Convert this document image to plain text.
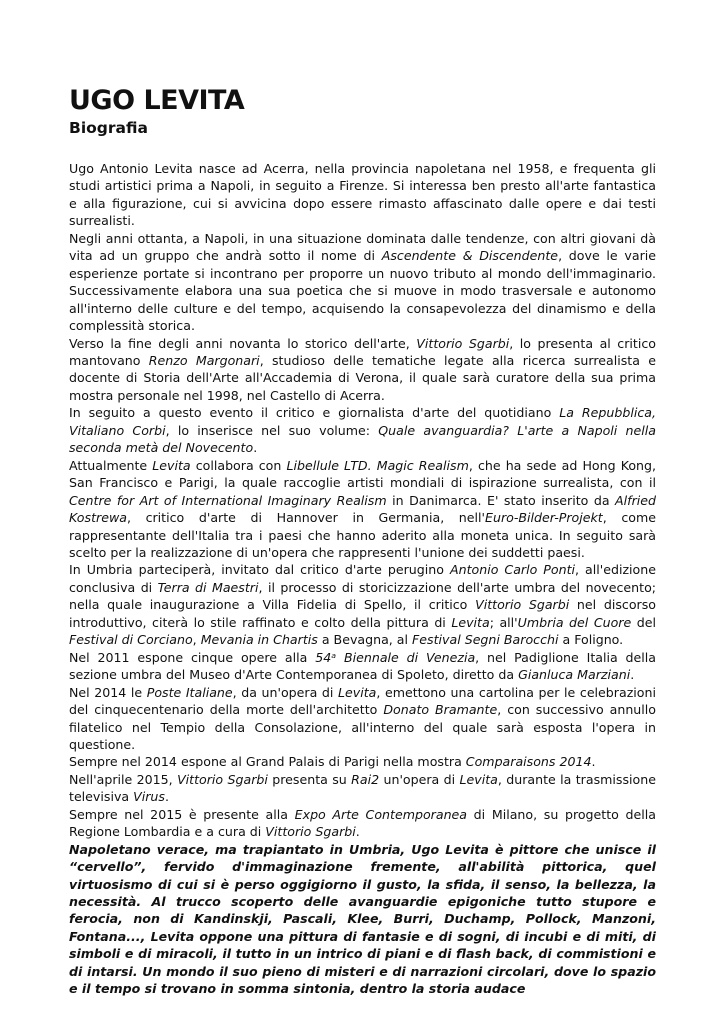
UGO LEVITA
Biografia

Ugo Antonio Levita nasce ad Acerra, nella provincia napoletana nel 1958, e frequenta gli studi artistici prima a Napoli, in seguito a Firenze. Si interessa ben presto all'arte fantastica e alla figurazione, cui si avvicina dopo essere rimasto affascinato dalle opere e dai testi surrealisti.

Negli anni ottanta, a Napoli, in una situazione dominata dalle tendenze, con altri giovani dà vita ad un gruppo che andrà sotto il nome di Ascendente & Discendente, dove le varie esperienze portate si incontrano per proporre un nuovo tributo al mondo dell'immaginario. Successivamente elabora una sua poetica che si muove in modo trasversale e autonomo all'interno delle culture e del tempo, acquisendo la consapevolezza del dinamismo e della complessità storica.

Verso la fine degli anni novanta lo storico dell'arte, Vittorio Sgarbi, lo presenta al critico mantovano Renzo Margonari, studioso delle tematiche legate alla ricerca surrealista e docente di Storia dell'Arte all'Accademia di Verona, il quale sarà curatore della sua prima mostra personale nel 1998, nel Castello di Acerra.

In seguito a questo evento il critico e giornalista d'arte del quotidiano La Repubblica, Vitaliano Corbi, lo inserisce nel suo volume: Quale avanguardia? L'arte a Napoli nella seconda metà del Novecento.

Attualmente Levita collabora con Libellule LTD. Magic Realism, che ha sede ad Hong Kong, San Francisco e Parigi, la quale raccoglie artisti mondiali di ispirazione surrealista, con il Centre for Art of International Imaginary Realism in Danimarca. E' stato inserito da Alfried Kostrewa, critico d'arte di Hannover in Germania, nell'Euro-Bilder-Projekt, come rappresentante dell'Italia tra i paesi che hanno aderito alla moneta unica. In seguito sarà scelto per la realizzazione di un'opera che rappresenti l'unione dei suddetti paesi.

In Umbria parteciperà, invitato dal critico d'arte perugino Antonio Carlo Ponti, all'edizione conclusiva di Terra di Maestri, il processo di storicizzazione dell'arte umbra del novecento; nella quale inaugurazione a Villa Fidelia di Spello, il critico Vittorio Sgarbi nel discorso introduttivo, citerà lo stile raffinato e colto della pittura di Levita; all'Umbria del Cuore del Festival di Corciano, Mevania in Chartis a Bevagna, al Festival Segni Barocchi a Foligno.

Nel 2011 espone cinque opere alla 54ᵃ Biennale di Venezia, nel Padiglione Italia della sezione umbra del Museo d'Arte Contemporanea di Spoleto, diretto da Gianluca Marziani.

Nel 2014 le Poste Italiane, da un'opera di Levita, emettono una cartolina per le celebrazioni del cinquecentenario della morte dell'architetto Donato Bramante, con successivo annullo filatelico nel Tempio della Consolazione, all'interno del quale sarà esposta l'opera in questione.

Sempre nel 2014 espone al Grand Palais di Parigi nella mostra Comparaisons 2014.

Nell'aprile 2015, Vittorio Sgarbi presenta su Rai2 un'opera di Levita, durante la trasmissione televisiva Virus.

Sempre nel 2015 è presente alla Expo Arte Contemporanea di Milano, su progetto della Regione Lombardia e a cura di Vittorio Sgarbi.

Napoletano verace, ma trapiantato in Umbria, Ugo Levita è pittore che unisce il “cervello”, fervido d'immaginazione fremente, all'abilità pittorica, quel virtuosismo di cui si è perso oggigiorno il gusto, la sfida, il senso, la bellezza, la necessità. Al trucco scoperto delle avanguardie epigoniche tutto stupore e ferocia, non di Kandinskji, Pascali, Klee, Burri, Duchamp, Pollock, Manzoni, Fontana..., Levita oppone una pittura di fantasie e di sogni, di incubi e di miti, di simboli e di miracoli, il tutto in un intrico di piani e di flash back, di commistioni e di intarsi. Un mondo il suo pieno di misteri e di narrazioni circolari, dove lo spazio e il tempo si trovano in somma sintonia, dentro la storia audace
